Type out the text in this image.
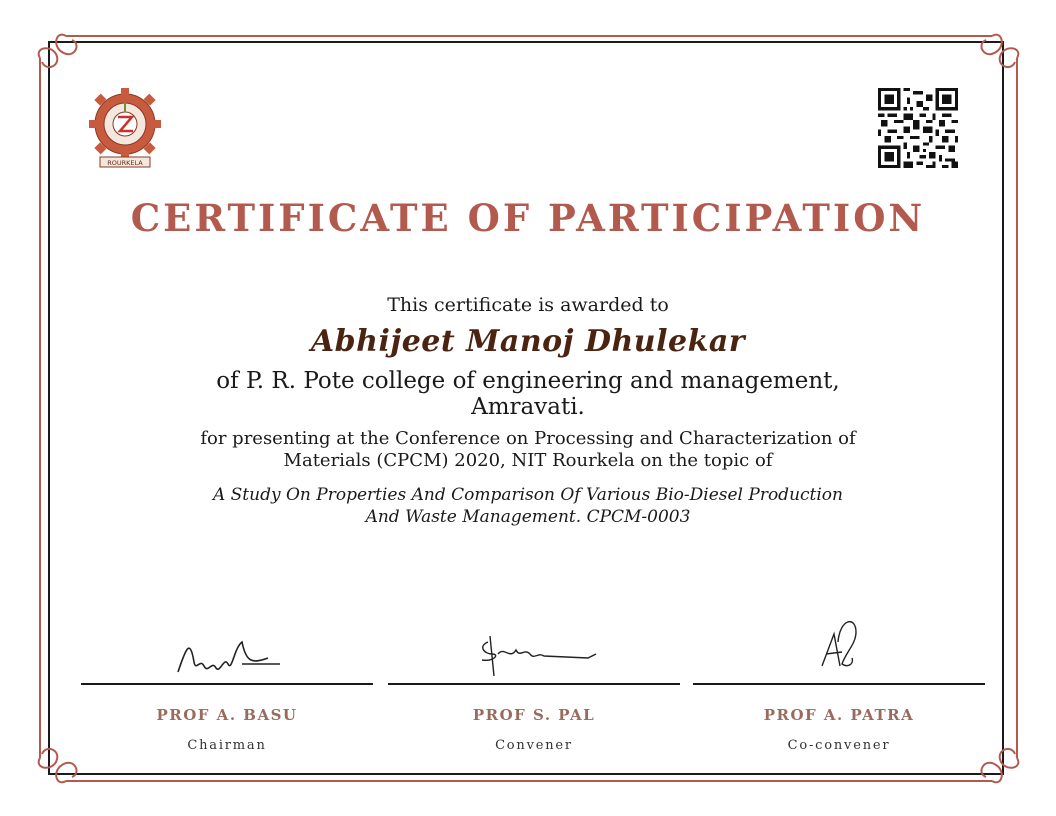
ROURKELA
CERTIFICATE OF PARTICIPATION
This certificate is awarded to
Abhijeet Manoj Dhulekar
of P. R. Pote college of engineering and management,
Amravati.
for presenting at the Conference on Processing and Characterization of
Materials (CPCM) 2020, NIT Rourkela on the topic of
A Study On Properties And Comparison Of Various Bio-Diesel Production
And Waste Management. CPCM-0003
PROF A. BASU	PROF S. PAL	PROF A. PATRA
Chairman	Convener	Co-convener
